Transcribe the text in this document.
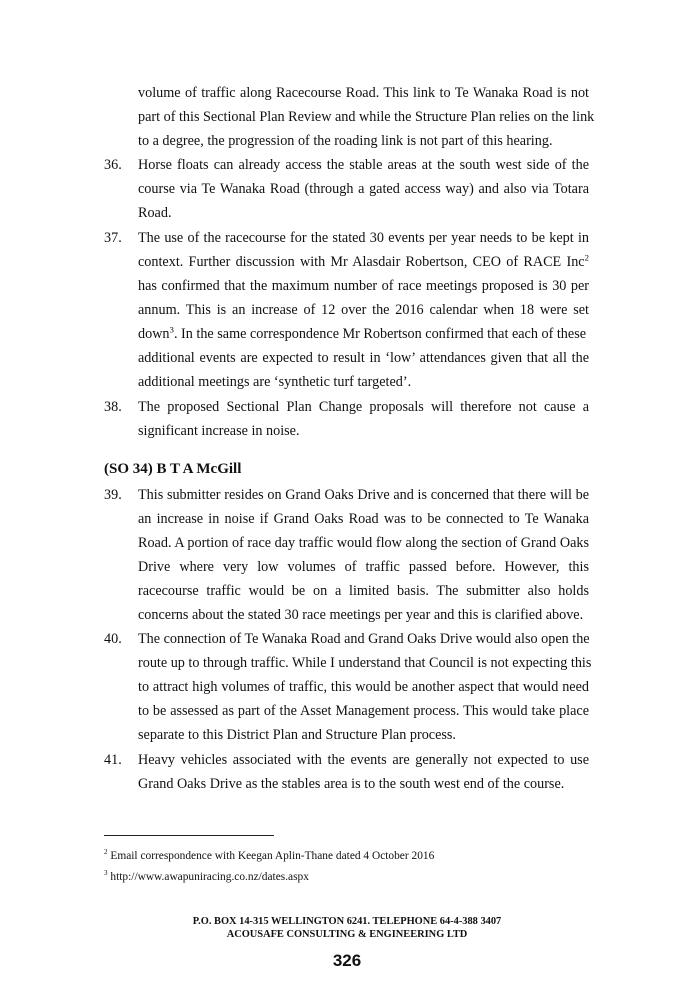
volume of traffic along Racecourse Road. This link to Te Wanaka Road is not
part of this Sectional Plan Review and while the Structure Plan relies on the link
to a degree, the progression of the roading link is not part of this hearing.
36. Horse floats can already access the stable areas at the south west side of the
course via Te Wanaka Road (through a gated access way) and also via Totara
Road.
37. The use of the racecourse for the stated 30 events per year needs to be kept in
context. Further discussion with Mr Alasdair Robertson, CEO of RACE Inc$^2$
has confirmed that the maximum number of race meetings proposed is 30 per
annum. This is an increase of 12 over the 2016 calendar when 18 were set
down$^3$. In the same correspondence Mr Robertson confirmed that each of these
additional events are expected to result in ‘low’ attendances given that all the
additional meetings are ‘synthetic turf targeted’.
38. The proposed Sectional Plan Change proposals will therefore not cause a
significant increase in noise.
(SO 34) B T A McGill
39. This submitter resides on Grand Oaks Drive and is concerned that there will be
an increase in noise if Grand Oaks Road was to be connected to Te Wanaka
Road. A portion of race day traffic would flow along the section of Grand Oaks
Drive where very low volumes of traffic passed before. However, this
racecourse traffic would be on a limited basis. The submitter also holds
concerns about the stated 30 race meetings per year and this is clarified above.
40. The connection of Te Wanaka Road and Grand Oaks Drive would also open the
route up to through traffic. While I understand that Council is not expecting this
to attract high volumes of traffic, this would be another aspect that would need
to be assessed as part of the Asset Management process. This would take place
separate to this District Plan and Structure Plan process.
41. Heavy vehicles associated with the events are generally not expected to use
Grand Oaks Drive as the stables area is to the south west end of the course.
$^2$ Email correspondence with Keegan Aplin-Thane dated 4 October 2016
$^3$ http://www.awapuniracing.co.nz/dates.aspx
P.O. BOX 14-315 WELLINGTON 6241. TELEPHONE 64-4-388 3407
ACOUSAFE CONSULTING & ENGINEERING LTD
326
